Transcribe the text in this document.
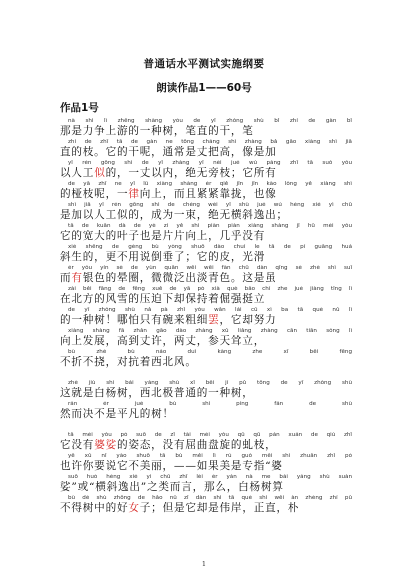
普通话水平测试实施纲要
朗读作品1——60号
作品1号
nà shì lì zhēng shàng yóu de yī zhǒng shù bǐ zhí de gàn bǐ
那是力争上游的一种树，笔直的干，笔
zhí de zhī tā de gàn ne tōng cháng shì zhàng bǎ gāo xiàng shì jiā
直的枝。它的干呢，通常是丈把高，像是加
yǐ rén gōng shì de yī zhàng yǐ nèi jué wú páng zhī tā suǒ yǒu
以人工似的，一丈以内，绝无旁枝；它所有
de yā zhī ne yī lǜ xiàng shàng ér qiě jǐn jǐn kào lǒng yě xiàng shì
的桠枝呢，一律向上，而且紧紧靠拢，也像
shì jiā yǐ rén gōng shì de chéng wéi yī shù jué wú héng xié yì chū
是加以人工似的，成为一束，绝无横斜逸出；
tā de kuān dà de yè zi yě shì piàn piàn xiàng shàng jǐ hū méi yǒu
它的宽大的叶子也是片片向上，几乎没有
xié shēng de gèng bù yòng shuō dào chuí le tā de pí guāng huá
斜生的，更不用说倒垂了；它的皮，光滑
ér yǒu yín sè de yùn quān wēi wēi fàn chū dàn qīng sè zhè shì suī
而有银色的晕圈，微微泛出淡青色。这是虽
zài běi fāng de fēng xuě de yā pò xià què bǎo chí zhe jué jiàng tǐng lì
在北方的风雪的压迫下却保持着倔强挺立
de yī zhǒng shù nǎ pà zhǐ yǒu wǎn lái cū xì ba tā què nǔ lì
的一种树！哪怕只有碗来粗细罢，它却努力
xiàng shàng fā zhǎn gāo dào zhàng xǔ liǎng zhàng cān tiān sǒng lì
向上发展，高到丈许，两丈，参天耸立，
bù zhé bù náo duì kàng zhe xī běi fēng
不折不挠，对抗着西北风。
zhè jiù shì bái yáng shù xī běi jí pǔ tōng de yī zhǒng shù
这就是白杨树，西北极普通的一种树，
rán ér jué bù shì píng fán de shù
然而决不是平凡的树！
tā méi yǒu pó suō de zī tài méi yǒu qū qū pán xuán de qiú zhī
它没有婆娑的姿态，没有屈曲盘旋的虬枝，
yě xǔ nǐ yào shuō tā bù měi lì rú guǒ měi shì zhuān zhǐ pó
也许你要说它不美丽，——如果美是专指“婆
suō huò héng xié yì chū zhī lèi ér yán nà me bái yáng shù suàn
娑”或“横斜逸出”之类而言，那么，白杨树算
bù dé shù zhōng de hǎo nǚ zǐ dàn shì tā què shì wěi àn zhèng zhí pǔ
不得树中的好女子；但是它却是伟岸，正直，朴
1
